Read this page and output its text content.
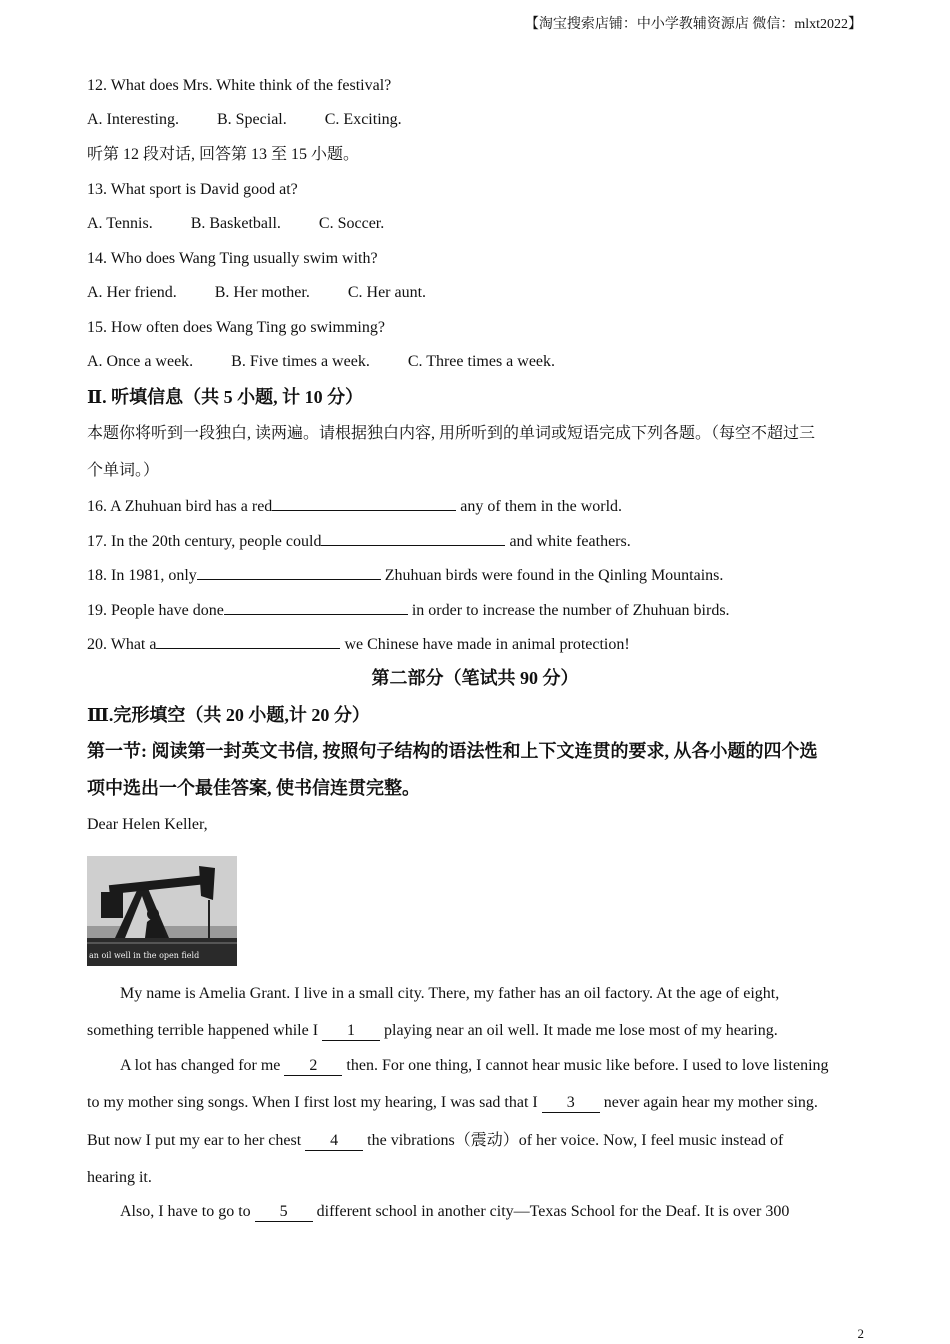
【淘宝搜索店铺：中小学教辅资源店 微信：mlxt2022】
12. What does Mrs. White think of the festival?
A. Interesting. B. Special. C. Exciting.
听第 12 段对话, 回答第 13 至 15 小题。
13. What sport is David good at?
A. Tennis. B. Basketball. C. Soccer.
14. Who does Wang Ting usually swim with?
A. Her friend. B. Her mother. C. Her aunt.
15. How often does Wang Ting go swimming?
A. Once a week. B. Five times a week. C. Three times a week.
Ⅱ. 听填信息（共 5 小题, 计 10 分）
本题你将听到一段独白, 读两遍。请根据独白内容, 用所听到的单词或短语完成下列各题。（每空不超过三
个单词。）
16. A Zhuhuan bird has a red	any of them in the world.
17. In the 20th century, people could	and white feathers.
18. In 1981, only	Zhuhuan birds were found in the Qinling Mountains.
19. People have done	in order to increase the number of Zhuhuan birds.
20. What a	we Chinese have made in animal protection!
第二部分（笔试共 90 分）
Ⅲ.完形填空（共 20 小题,计 20 分）
第一节: 阅读第一封英文书信, 按照句子结构的语法性和上下文连贯的要求, 从各小题的四个选
项中选出一个最佳答案, 使书信连贯完整。
Dear Helen Keller,
an oil well in the open field
My name is Amelia Grant. I live in a small city. There, my father has an oil factory. At the age of eight,
something terrible happened while I 1 playing near an oil well. It made me lose most of my hearing.
A lot has changed for me 2 then. For one thing, I cannot hear music like before. I used to love listening
to my mother sing songs. When I first lost my hearing, I was sad that I 3 never again hear my mother sing.
But now I put my ear to her chest 4 the vibrations（震动）of her voice. Now, I feel music instead of
hearing it.
Also, I have to go to 5 different school in another city—Texas School for the Deaf. It is over 300
2
